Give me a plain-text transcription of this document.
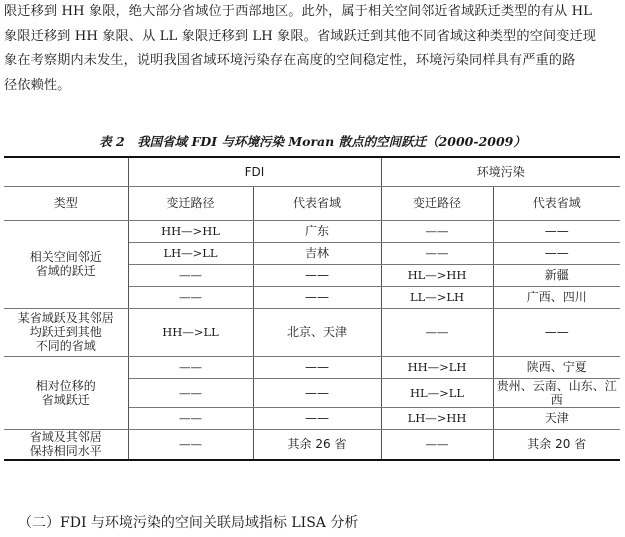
限迁移到 HH 象限，绝大部分省域位于西部地区。此外，属于相关空间邻近省域跃迁类型的有从 HL
象限迁移到 HH 象限、从 LL 象限迁移到 LH 象限。省域跃迁到其他不同省域这种类型的空间变迁现
象在考察期内未发生，说明我国省域环境污染存在高度的空间稳定性，环境污染同样具有严重的路
径依赖性。
表 2　我国省域 FDI 与环境污染 Moran 散点的空间跃迁（2000-2009）
	FDI		环境污染	
类型	变迁路径	代表省域	变迁路径	代表省域
相关空间邻近
省域的跃迁	HH—>HL	广东	——	——
	LH—>LL	吉林	——	——
	——	——	HL—>HH	新疆
	——	——	LL—>LH	广西、四川
某省域跃及其邻居
均跃迁到其他
不同的省域	HH—>LL	北京、天津	——	——
相对位移的
省域跃迁	——	——	HH—>LH	陕西、宁夏
	——	——	HL—>LL	贵州、云南、山东、江西
	——	——	LH—>HH	天津
省域及其邻居
保持相同水平	——	其余 26 省	——	其余 20 省
（二）FDI 与环境污染的空间关联局域指标 LISA 分析
